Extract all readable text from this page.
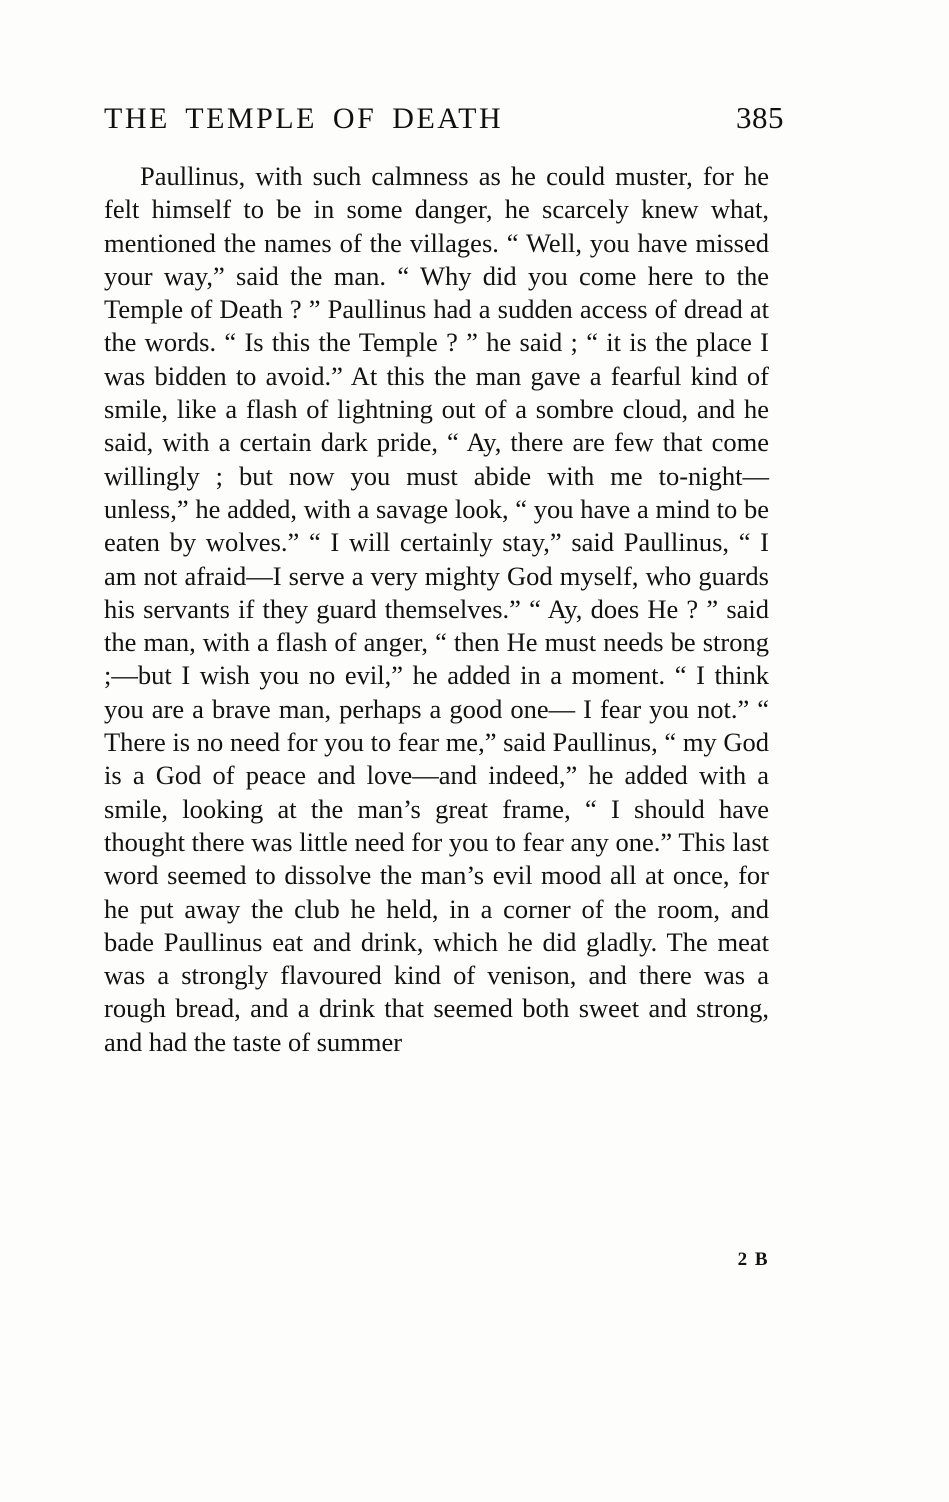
THE TEMPLE OF DEATH	385
Paullinus, with such calmness as he could muster, for he felt himself to be in some danger, he scarcely knew what, mentioned the names of the villages. “ Well, you have missed your way,” said the man. “ Why did you come here to the Temple of Death ? ” Paullinus had a sudden access of dread at the words. “ Is this the Temple ? ” he said ; “ it is the place I was bidden to avoid.” At this the man gave a fearful kind of smile, like a flash of lightning out of a sombre cloud, and he said, with a certain dark pride, “ Ay, there are few that come willingly ; but now you must abide with me to-night—unless,” he added, with a savage look, “ you have a mind to be eaten by wolves.” “ I will certainly stay,” said Paullinus, “ I am not afraid—I serve a very mighty God myself, who guards his servants if they guard themselves.” “ Ay, does He ? ” said the man, with a flash of anger, “ then He must needs be strong ;—but I wish you no evil,” he added in a moment. “ I think you are a brave man, perhaps a good one— I fear you not.” “ There is no need for you to fear me,” said Paullinus, “ my God is a God of peace and love—and indeed,” he added with a smile, looking at the man’s great frame, “ I should have thought there was little need for you to fear any one.” This last word seemed to dissolve the man’s evil mood all at once, for he put away the club he held, in a corner of the room, and bade Paullinus eat and drink, which he did gladly. The meat was a strongly flavoured kind of venison, and there was a rough bread, and a drink that seemed both sweet and strong, and had the taste of summer
2 B
